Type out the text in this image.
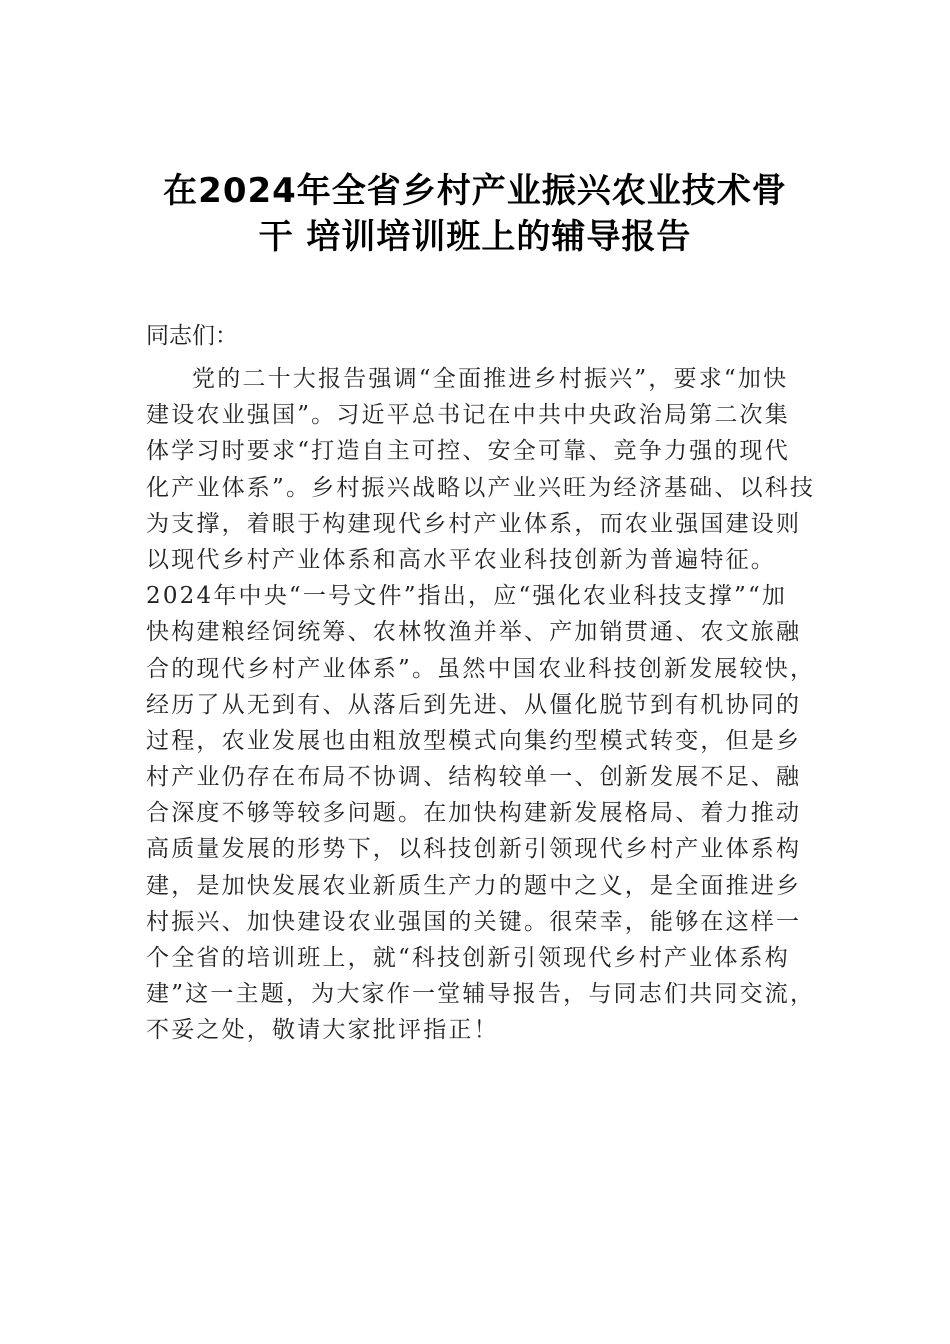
在2024年全省乡村产业振兴农业技术骨
干 培训培训班上的辅导报告

同志们：

党的二十大报告强调“全面推进乡村振兴”，要求“加快
建设农业强国”。习近平总书记在中共中央政治局第二次集
体学习时要求“打造自主可控、安全可靠、竞争力强的现代
化产业体系”。乡村振兴战略以产业兴旺为经济基础、以科技
为支撑，着眼于构建现代乡村产业体系，而农业强国建设则
以现代乡村产业体系和高水平农业科技创新为普遍特征。
2024年中央“一号文件”指出，应“强化农业科技支撑”“加
快构建粮经饲统筹、农林牧渔并举、产加销贯通、农文旅融
合的现代乡村产业体系”。虽然中国农业科技创新发展较快，
经历了从无到有、从落后到先进、从僵化脱节到有机协同的
过程，农业发展也由粗放型模式向集约型模式转变，但是乡
村产业仍存在布局不协调、结构较单一、创新发展不足、融
合深度不够等较多问题。在加快构建新发展格局、着力推动
高质量发展的形势下，以科技创新引领现代乡村产业体系构
建，是加快发展农业新质生产力的题中之义，是全面推进乡
村振兴、加快建设农业强国的关键。很荣幸，能够在这样一
个全省的培训班上，就“科技创新引领现代乡村产业体系构
建”这一主题，为大家作一堂辅导报告，与同志们共同交流，
不妥之处，敬请大家批评指正！
